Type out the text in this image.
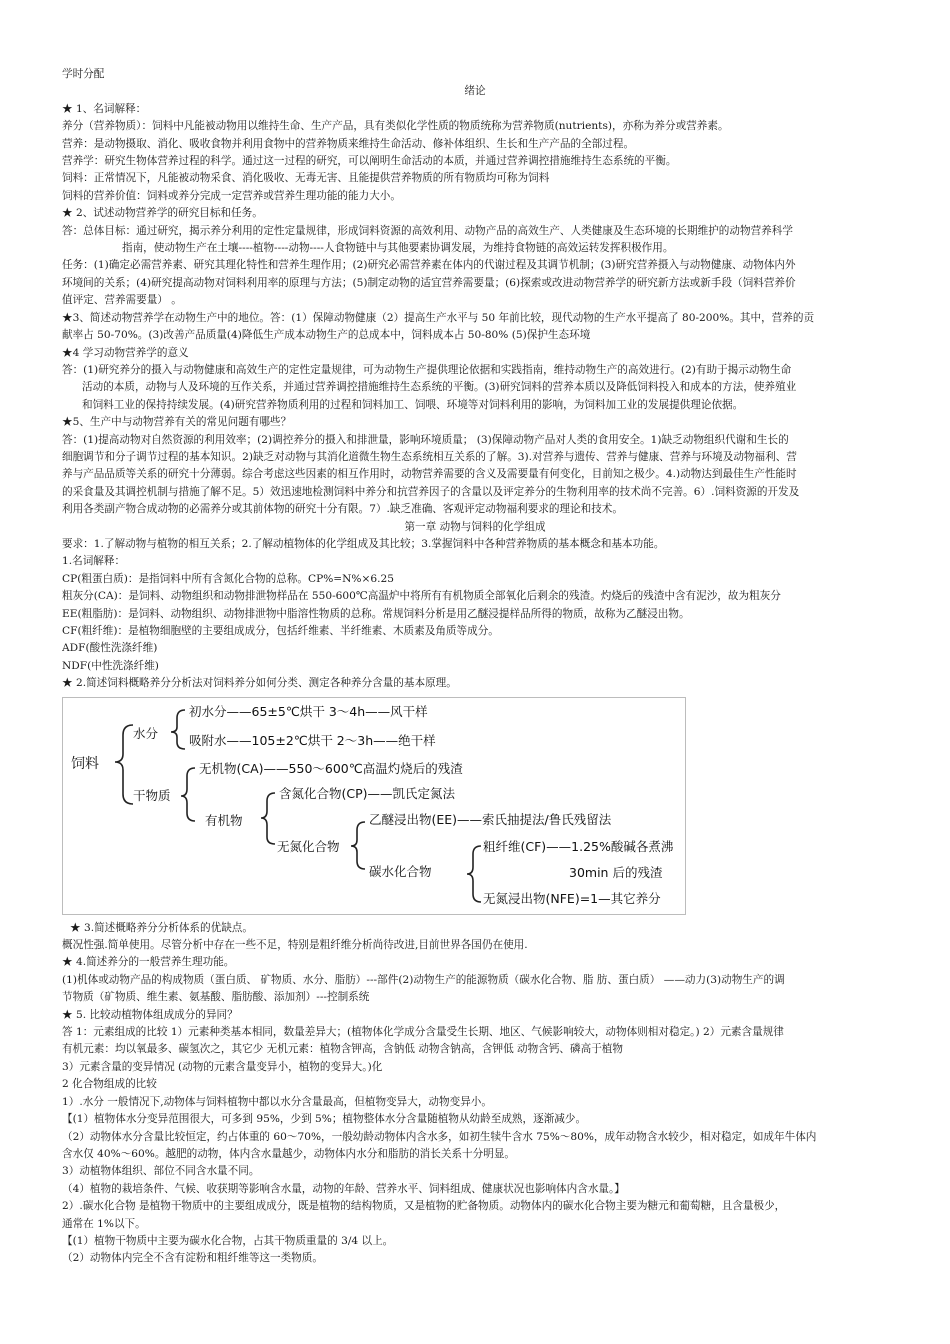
学时分配
绪论
★ 1、名词解释：
养分（营养物质）：饲料中凡能被动物用以维持生命、生产产品，具有类似化学性质的物质统称为营养物质(nutrients)，亦称为养分或营养素。
营养：是动物摄取、消化、吸收食物并利用食物中的营养物质来维持生命活动、修补体组织、生长和生产产品的全部过程。
营养学：研究生物体营养过程的科学。通过这一过程的研究，可以阐明生命活动的本质，并通过营养调控措施维持生态系统的平衡。
饲料：正常情况下，凡能被动物采食、消化吸收、无毒无害、且能提供营养物质的所有物质均可称为饲料
饲料的营养价值：饲料或养分完成一定营养或营养生理功能的能力大小。
★ 2、试述动物营养学的研究目标和任务。
答：总体目标：通过研究，揭示养分利用的定性定量规律，形成饲料资源的高效利用、动物产品的高效生产、人类健康及生态环境的长期维护的动物营养科学
指南，使动物生产在土壤----植物----动物----人食物链中与其他要素协调发展，为维持食物链的高效运转发挥积极作用。
任务：(1)确定必需营养素、研究其理化特性和营养生理作用；(2)研究必需营养素在体内的代谢过程及其调节机制；(3)研究营养摄入与动物健康、动物体内外
环境间的关系；(4)研究提高动物对饲料利用率的原理与方法；(5)制定动物的适宜营养需要量；(6)探索或改进动物营养学的研究新方法或新手段（饲料营养价
值评定、营养需要量） 。
★3、简述动物营养学在动物生产中的地位。答：(1）保障动物健康（2）提高生产水平与 50 年前比较，现代动物的生产水平提高了 80-200%。其中，营养的贡
献率占 50-70%。(3)改善产品质量(4)降低生产成本动物生产的总成本中，饲料成本占 50-80% (5)保护生态环境
★4 学习动物营养学的意义
答：(1)研究养分的摄入与动物健康和高效生产的定性定量规律，可为动物生产提供理论依据和实践指南，维持动物生产的高效进行。(2)有助于揭示动物生命
活动的本质，动物与人及环境的互作关系，并通过营养调控措施维持生态系统的平衡。(3)研究饲料的营养本质以及降低饲料投入和成本的方法，使养殖业
和饲料工业的保持持续发展。(4)研究营养物质利用的过程和饲料加工、饲喂、环境等对饲料利用的影响，为饲料加工业的发展提供理论依据。
★5、生产中与动物营养有关的常见问题有哪些？
答：(1)提高动物对自然资源的利用效率；(2)调控养分的摄入和排泄量，影响环境质量； (3)保障动物产品对人类的食用安全。1)缺乏动物组织代谢和生长的
细胞调节和分子调节过程的基本知识。2)缺乏对动物与其消化道微生物生态系统相互关系的了解。3).对营养与遗传、营养与健康、营养与环境及动物福利、营
养与产品品质等关系的研究十分薄弱。综合考虑这些因素的相互作用时，动物营养需要的含义及需要量有何变化，目前知之极少。4.)动物达到最佳生产性能时
的采食量及其调控机制与措施了解不足。5）效迅速地检测饲料中养分和抗营养因子的含量以及评定养分的生物利用率的技术尚不完善。6）.饲料资源的开发及
利用各类副产物合成动物的必需养分或其前体物的研究十分有限。7）.缺乏准确、客观评定动物福利要求的理论和技术。
第一章 动物与饲料的化学组成
要求：1.了解动物与植物的相互关系；2.了解动植物体的化学组成及其比较；3.掌握饲料中各种营养物质的基本概念和基本功能。
1.名词解释：
CP(粗蛋白质)：是指饲料中所有含氮化合物的总称。CP%=N%×6.25
粗灰分(CA)：是饲料、动物组织和动物排泄物样品在 550-600℃高温炉中将所有有机物质全部氧化后剩余的残渣。灼烧后的残渣中含有泥沙，故为粗灰分
EE(粗脂肪)：是饲料、动物组织、动物排泄物中脂溶性物质的总称。常规饲料分析是用乙醚浸提样品所得的物质，故称为乙醚浸出物。
CF(粗纤维)：是植物细胞壁的主要组成成分，包括纤维素、半纤维素、木质素及角质等成分。
ADF(酸性洗涤纤维)
NDF(中性洗涤纤维)
★ 2.简述饲料概略养分分析法对饲料养分如何分类、测定各种养分含量的基本原理。
饲料
水分
初水分——65±5℃烘干 3～4h——风干样
吸附水——105±2℃烘干 2～3h——绝干样
干物质
无机物(CA)——550～600℃高温灼烧后的残渣
有机物
含氮化合物(CP)——凯氏定氮法
无氮化合物
乙醚浸出物(EE)——索氏抽提法/鲁氏残留法
碳水化合物
粗纤维(CF)——1.25%酸碱各煮沸
30min 后的残渣
无氮浸出物(NFE)=1—其它养分
★ 3.简述概略养分分析体系的优缺点。
概况性强.简单使用。尽管分析中存在一些不足，特别是粗纤维分析尚待改进,目前世界各国仍在使用.
★ 4.简述养分的一般营养生理功能。
(1)机体或动物产品的构成物质（蛋白质、 矿物质、水分、脂肪）---部件(2)动物生产的能源物质（碳水化合物、脂 肪、蛋白质） ——动力(3)动物生产的调
节物质（矿物质、维生素、氨基酸、脂肪酸、添加剂）---控制系统
★ 5. 比较动植物体组成成分的异同？
答 1：元素组成的比较 1）元素种类基本相同，数量差异大；(植物体化学成分含量受生长期、地区、气候影响较大，动物体则相对稳定。) 2）元素含量规律
有机元素：均以氧最多、碳氢次之，其它少 无机元素：植物含钾高，含钠低 动物含钠高，含钾低 动物含钙、磷高于植物
3）元素含量的变异情况 (动物的元素含量变异小，植物的变异大。)化
2 化合物组成的比较
1）.水分 一般情况下,动物体与饲料植物中都以水分含量最高，但植物变异大，动物变异小。
【(1）植物体水分变异范围很大，可多到 95%，少到 5%；植物整体水分含量随植物从幼龄至成熟，逐渐减少。
（2）动物体水分含量比较恒定，约占体重的 60～70%，一般幼龄动物体内含水多，如初生犊牛含水 75%～80%，成年动物含水较少，相对稳定，如成年牛体内
含水仅 40%～60%。越肥的动物，体内含水量越少，动物体内水分和脂肪的消长关系十分明显。
3）动植物体组织、部位不同含水量不同。
（4）植物的栽培条件、气候、收获期等影响含水量，动物的年龄、营养水平、饲料组成、健康状况也影响体内含水量。】
2）.碳水化合物 是植物干物质中的主要组成成分，既是植物的结构物质，又是植物的贮备物质。动物体内的碳水化合物主要为糖元和葡萄糖，且含量极少，
通常在 1%以下。
【(1）植物干物质中主要为碳水化合物，占其干物质重量的 3/4 以上。
（2）动物体内完全不含有淀粉和粗纤维等这一类物质。
